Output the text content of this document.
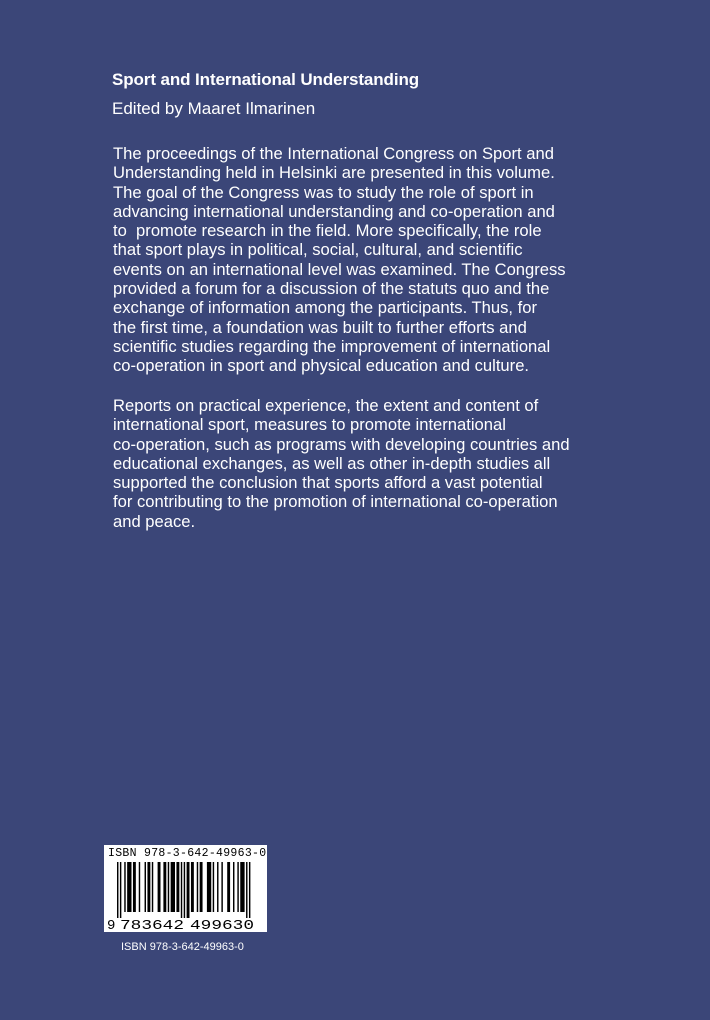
Sport and International Understanding
Edited by Maaret Ilmarinen

The proceedings of the International Congress on Sport and
Understanding held in Helsinki are presented in this volume.
The goal of the Congress was to study the role of sport in
advancing international understanding and co-operation and
to  promote research in the field. More specifically, the role
that sport plays in political, social, cultural, and scientific
events on an international level was examined. The Congress
provided a forum for a discussion of the statuts quo and the
exchange of information among the participants. Thus, for
the first time, a foundation was built to further efforts and
scientific studies regarding the improvement of international
co-operation in sport and physical education and culture.

Reports on practical experience, the extent and content of
international sport, measures to promote international
co-operation, such as programs with developing countries and
educational exchanges, as well as other in-depth studies all
supported the conclusion that sports afford a vast potential
for contributing to the promotion of international co-operation
and peace.

ISBN 978-3-642-49963-0
9 783642 499630
ISBN 978-3-642-49963-0
